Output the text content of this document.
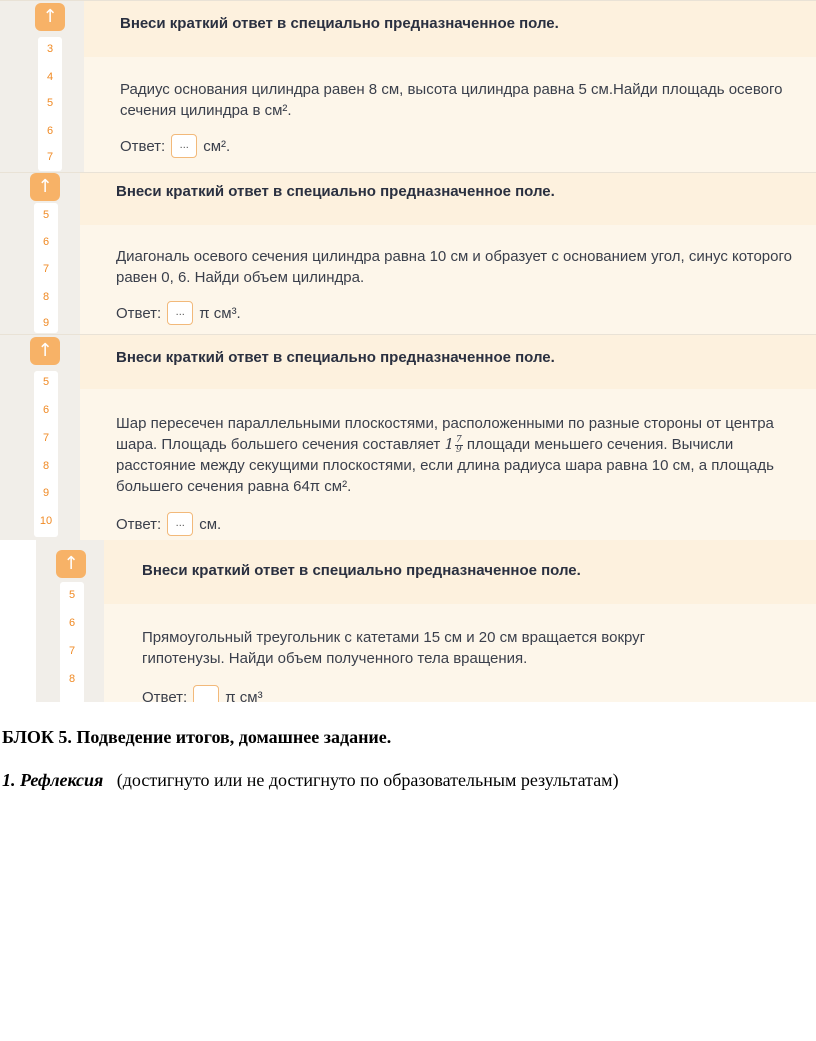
↑
3
4
5
6
7
Внеси краткий ответ в специально предназначенное поле.
Радиус основания цилиндра равен 8 см, высота цилиндра равна 5 см.Найди площадь осевого
сечения цилиндра в см².
Ответ:	... см².
↑
5
6
7
8
9
Внеси краткий ответ в специально предназначенное поле.
Диагональ осевого сечения цилиндра равна 10 см и образует с основанием угол, синус которого
равен 0, 6. Найди объем цилиндра.
Ответ:	... π см³.
↑
5
6
7
8
9
10
Внеси краткий ответ в специально предназначенное поле.
Шар пересечен параллельными плоскостями, расположенными по разные стороны от центра
шара. Площадь большего сечения составляет $1 \frac{7}{9}$ площади меньшего сечения. Вычисли
расстояние между секущими плоскостями, если длина радиуса шара равна 10 см, а площадь
большего сечения равна 64π см².
Ответ:	... см.
↑
5
6
7
8
Внеси краткий ответ в специально предназначенное поле.
Прямоугольный треугольник с катетами 15 см и 20 см вращается вокруг
гипотенузы. Найди объем полученного тела вращения.
Ответ:	π см³
БЛОК 5. Подведение итогов, домашнее задание.
1. Рефлексия (достигнуто или не достигнуто по образовательным результатам)
